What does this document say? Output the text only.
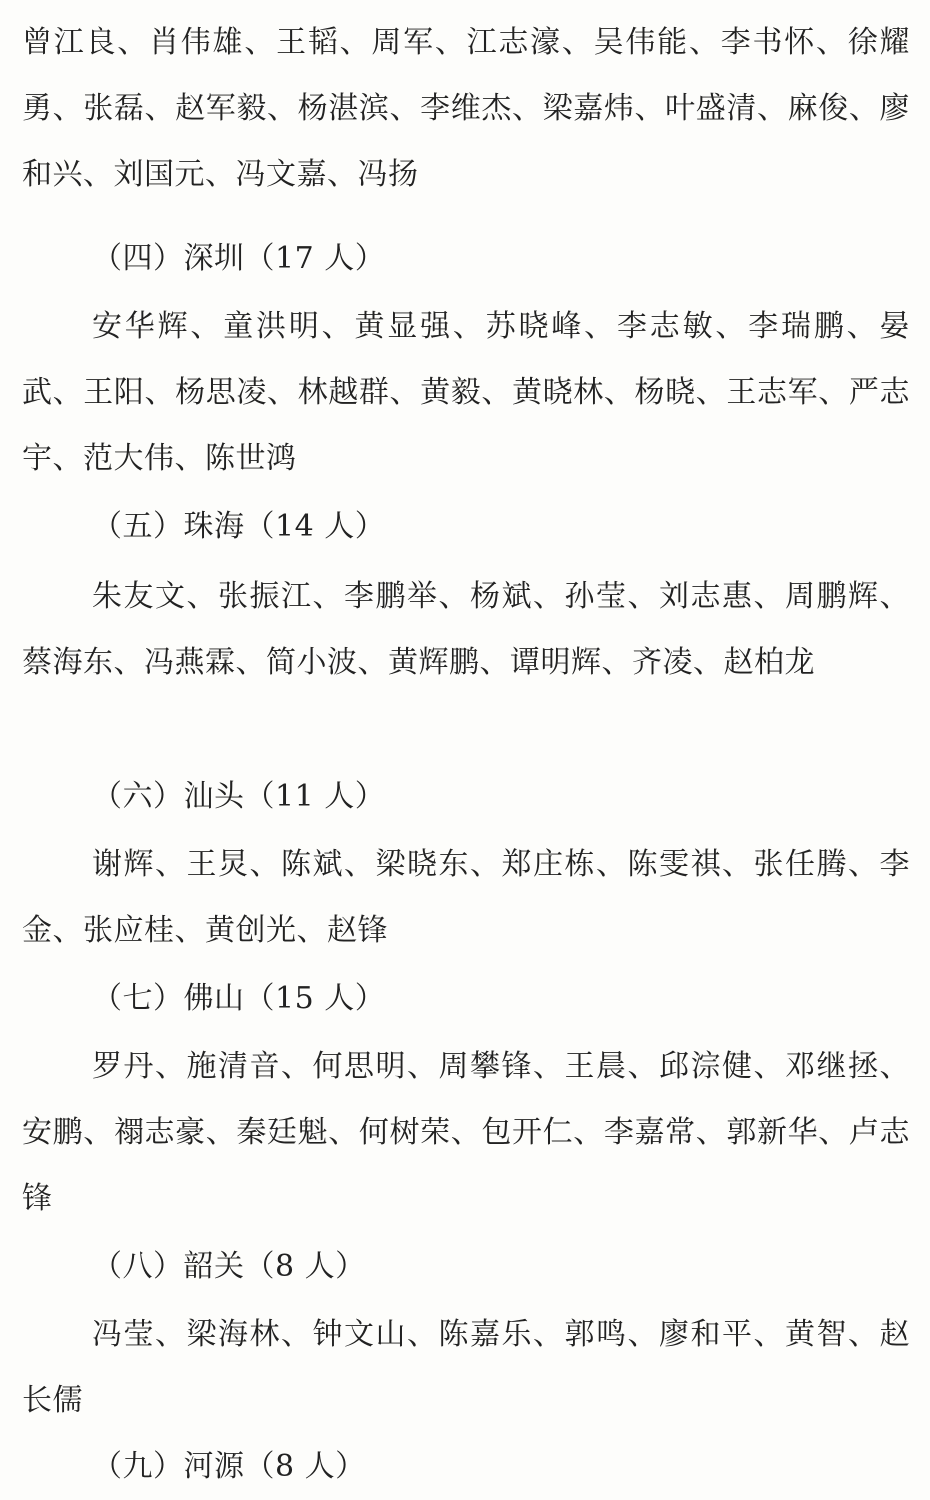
曾江良、肖伟雄、王韬、周军、江志濠、吴伟能、李书怀、徐耀勇、张磊、赵军毅、杨湛滨、李维杰、梁嘉炜、叶盛清、麻俊、廖和兴、刘国元、冯文嘉、冯扬

（四）深圳（17 人）

安华辉、童洪明、黄显强、苏晓峰、李志敏、李瑞鹏、晏武、王阳、杨思凌、林越群、黄毅、黄晓林、杨晓、王志军、严志宇、范大伟、陈世鸿

（五）珠海（14 人）

朱友文、张振江、李鹏举、杨斌、孙莹、刘志惠、周鹏辉、蔡海东、冯燕霖、简小波、黄辉鹏、谭明辉、齐凌、赵柏龙

（六）汕头（11 人）

谢辉、王炅、陈斌、梁晓东、郑庄栋、陈雯祺、张任腾、李金、张应桂、黄创光、赵锋

（七）佛山（15 人）

罗丹、施清音、何思明、周攀锋、王晨、邱淙健、邓继拯、安鹏、禤志豪、秦廷魁、何树荣、包开仁、李嘉常、郭新华、卢志锋

（八）韶关（8 人）

冯莹、梁海林、钟文山、陈嘉乐、郭鸣、廖和平、黄智、赵长儒

（九）河源（8 人）
